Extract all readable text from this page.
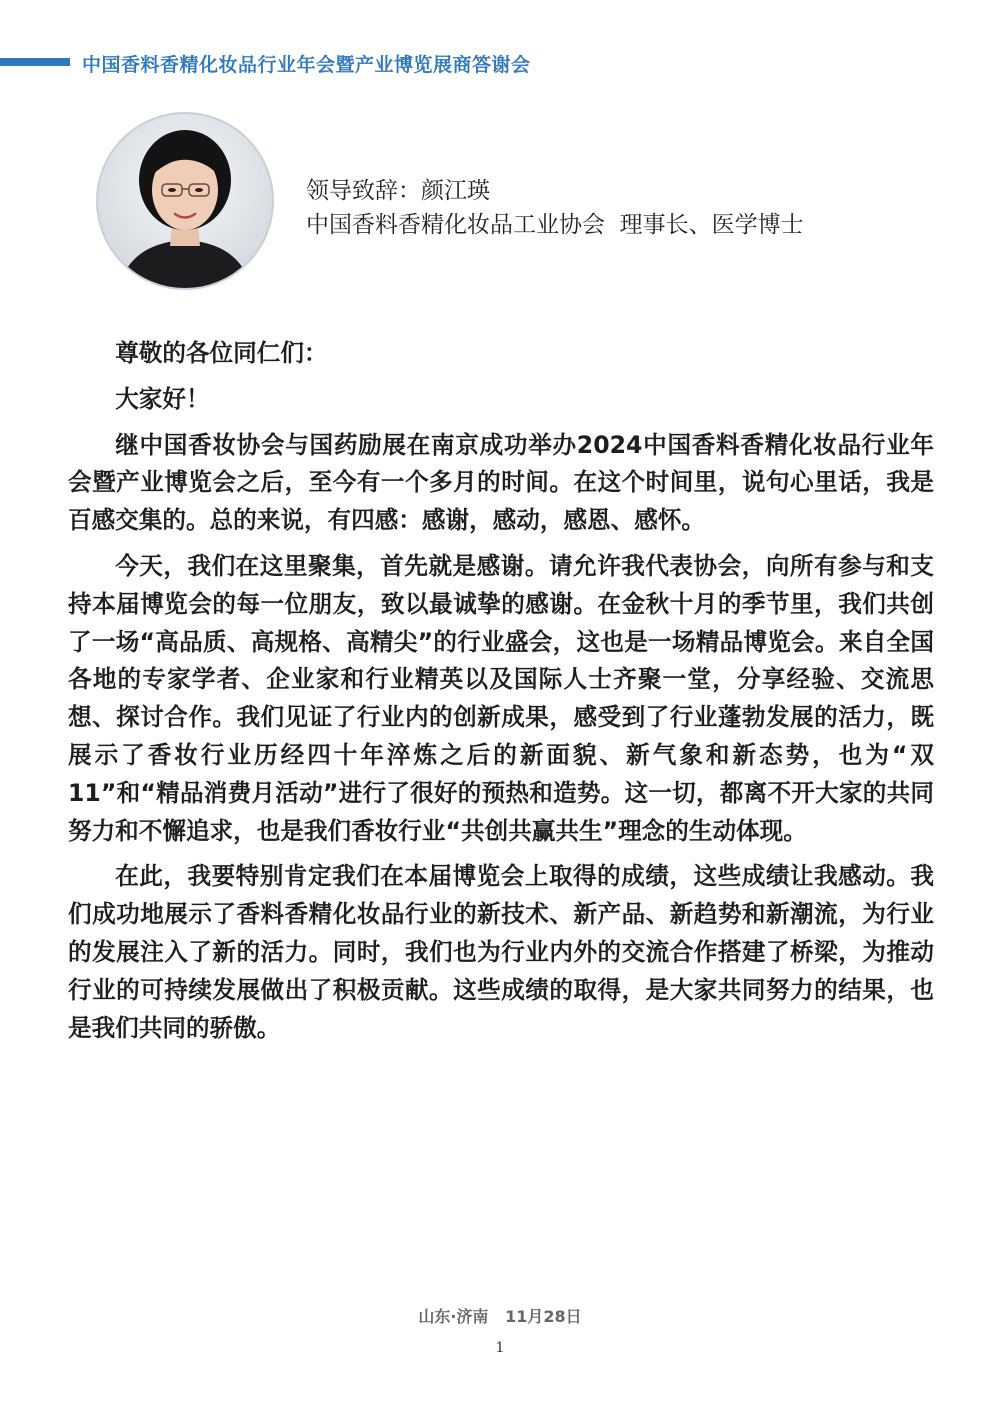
中国香料香精化妆品行业年会暨产业博览展商答谢会
领导致辞：颜江瑛
中国香料香精化妆品工业协会  理事长、医学博士

尊敬的各位同仁们：

大家好！

继中国香妆协会与国药励展在南京成功举办2024中国香料香精化妆品行业年会暨产业博览会之后，至今有一个多月的时间。在这个时间里，说句心里话，我是百感交集的。总的来说，有四感：感谢，感动，感恩、感怀。

今天，我们在这里聚集，首先就是感谢。请允许我代表协会，向所有参与和支持本届博览会的每一位朋友，致以最诚挚的感谢。在金秋十月的季节里，我们共创了一场“高品质、高规格、高精尖”的行业盛会，这也是一场精品博览会。来自全国各地的专家学者、企业家和行业精英以及国际人士齐聚一堂，分享经验、交流思想、探讨合作。我们见证了行业内的创新成果，感受到了行业蓬勃发展的活力，既展示了香妆行业历经四十年淬炼之后的新面貌、新气象和新态势，也为“双11”和“精品消费月活动”进行了很好的预热和造势。这一切，都离不开大家的共同努力和不懈追求，也是我们香妆行业“共创共赢共生”理念的生动体现。

在此，我要特别肯定我们在本届博览会上取得的成绩，这些成绩让我感动。我们成功地展示了香料香精化妆品行业的新技术、新产品、新趋势和新潮流，为行业的发展注入了新的活力。同时，我们也为行业内外的交流合作搭建了桥梁，为推动行业的可持续发展做出了积极贡献。这些成绩的取得，是大家共同努力的结果，也是我们共同的骄傲。

山东·济南   11月28日
1
